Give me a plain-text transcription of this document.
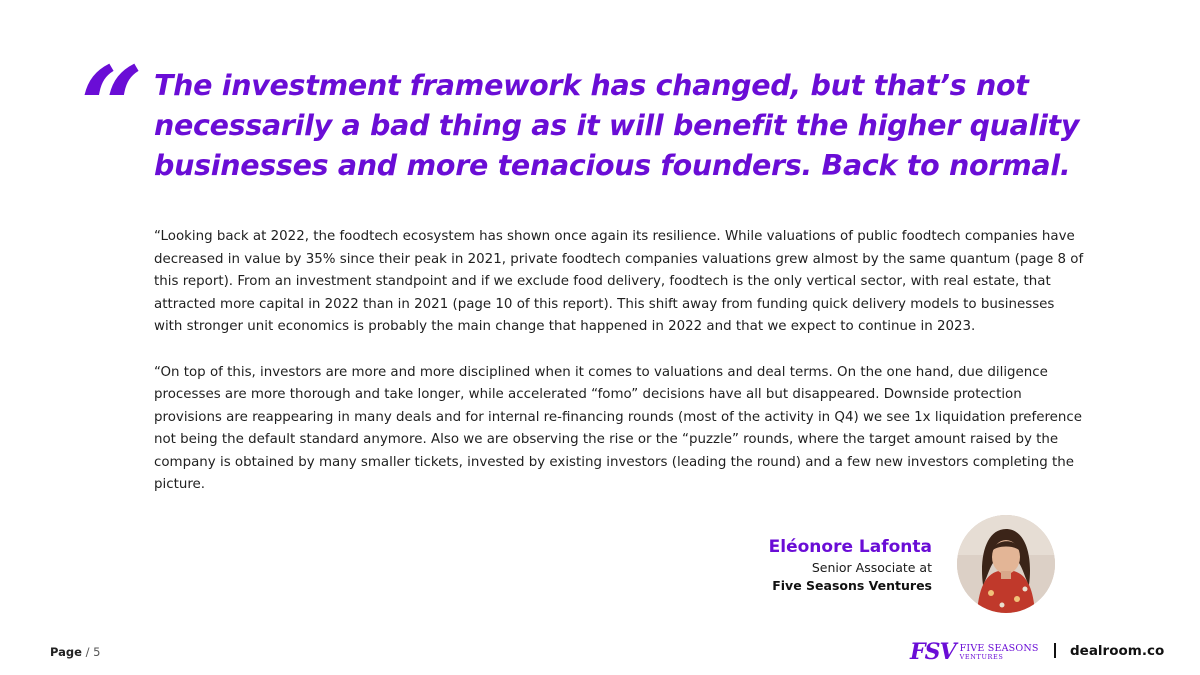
“ The investment framework has changed, but that’s not necessarily a bad thing as it will benefit the higher quality businesses and more tenacious founders. Back to normal.

“Looking back at 2022, the foodtech ecosystem has shown once again its resilience. While valuations of public foodtech companies have decreased in value by 35% since their peak in 2021, private foodtech companies valuations grew almost by the same quantum (page 8 of this report). From an investment standpoint and if we exclude food delivery, foodtech is the only vertical sector, with real estate, that attracted more capital in 2022 than in 2021 (page 10 of this report). This shift away from funding quick delivery models to businesses with stronger unit economics is probably the main change that happened in 2022 and that we expect to continue in 2023.

“On top of this, investors are more and more disciplined when it comes to valuations and deal terms. On the one hand, due diligence processes are more thorough and take longer, while accelerated “fomo” decisions have all but disappeared. Downside protection provisions are reappearing in many deals and for internal re-financing rounds (most of the activity in Q4) we see 1x liquidation preference not being the default standard anymore. Also we are observing the rise or the “puzzle” rounds, where the target amount raised by the company is obtained by many smaller tickets, invested by existing investors (leading the round) and a few new investors completing the picture.

Eléonore Lafonta
Senior Associate at
Five Seasons Ventures
Page / 5	FSV FIVE SEASONS
VENTURES	dealroom.co
